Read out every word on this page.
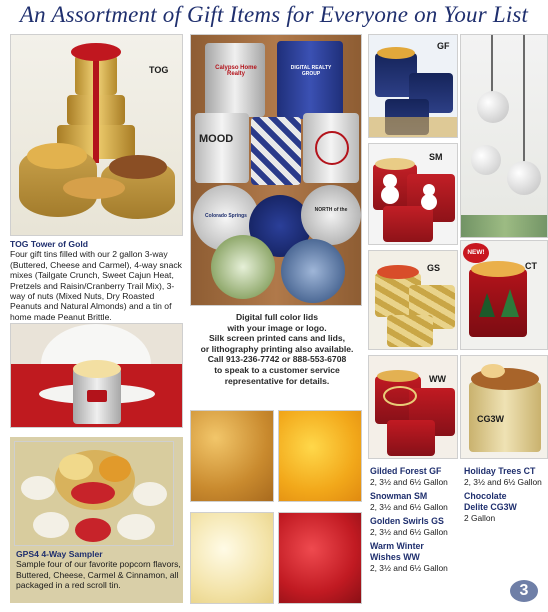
An Assortment of Gift Items for Everyone on Your List
TOG
TOG Tower of Gold
Four gift tins filled with our 2 gallon 3-way (Buttered, Cheese and Carmel), 4-way snack mixes (Tailgate Crunch, Sweet Cajun Heat, Pretzels and Raisin/Cranberry Trail Mix), 3-way of nuts (Mixed Nuts, Dry Roasted Peanuts and Natural Almonds) and a tin of home made Peanut Brittle.
GPS4 4-Way Sampler
Sample four of our favorite popcorn flavors, Buttered, Cheese, Carmel & Cinnamon, all packaged in a red scroll tin.
Calypso Home Realty
DIGITAL REALTY GROUP
MOOD
Colorado Springs
NORTH of the
Digital full color lids
with your image or logo.
Silk screen printed cans and lids,
or lithography printing also available.
Call 913-236-7742 or 888-553-6708
to speak to a customer service
representative for details.
GF
SM
GS
NEW!
CT
WW
CG3W
Gilded Forest GF
2, 3½ and 6½ Gallon
Snowman SM
2, 3½ and 6½ Gallon
Golden Swirls GS
2, 3½ and 6½ Gallon
Warm Winter
Wishes WW
2, 3½ and 6½ Gallon
Holiday Trees CT
2, 3½ and 6½ Gallon
Chocolate
Delite CG3W
2 Gallon
3
